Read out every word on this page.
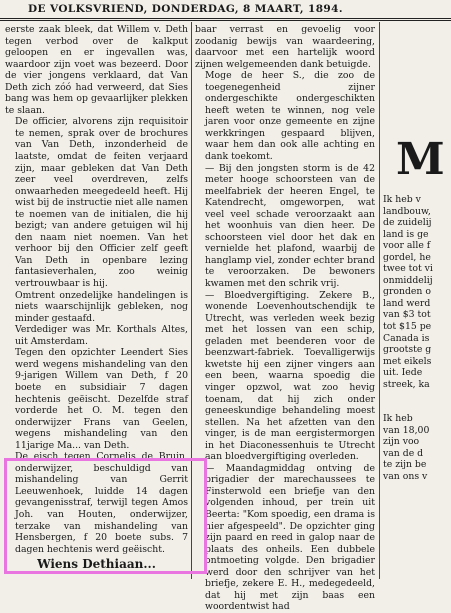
DE VOLKSVRIEND, DONDERDAG, 8 MAART, 1894.

eerste zaak bleek, dat Willem v. Deth tegen verbod over de kalkput geloopen en er ingevallen was, waardoor zijn voet was bezeerd. Door de vier jongens verklaard, dat Van Deth zich zóó had verweerd, dat Sies bang was hem op gevaarlijker plekken te slaan.

De officier, alvorens zijn requisitoir te nemen, sprak over de brochures van Van Deth, inzonderheid de laatste, omdat de feiten verjaard zijn, maar gebleken dat Van Deth zeer veel overdreven, zelfs onwaarheden meegedeeld heeft. Hij wist bij de instructie niet alle namen te noemen van de initialen, die hij bezigt; van andere getuigen wil hij den naam niet noemen. Van het verhoor bij den Officier zelf geeft Van Deth in openbare lezing fantasieverhalen, zoo weinig vertrouwbaar is hij.

Omtrent onzedelijke handelingen is niets waarschijnlijk gebleken, nog minder gestaafd.

Verdediger was Mr. Korthals Altes, uit Amsterdam.

Tegen den opzichter Leendert Sies werd wegens mishandeling van den 9-jarigen Willem van Deth, f 20 boete en subsidiair 7 dagen hechtenis geëischt. Dezelfde straf vorderde het O. M. tegen den onderwijzer Frans van Geelen, wegens mishandeling van den 11jarige Ma... van Deth.

De eisch tegen Cornelis de Bruin, onderwijzer, beschuldigd van mishandeling van Gerrit Leeuwenhoek, luidde 14 dagen gevangenisstraf, terwijl tegen Amos Joh. van Houten, onderwijzer, terzake van mishandeling van Hensbergen, f 20 boete subs. 7 dagen hechtenis werd geëischt.

Wiens Dethiaan...

baar verrast en gevoelig voor zoodanig bewijs van waardeering, daarvoor met een hartelijk woord zijnen welgemeenden dank betuigde.

Moge de heer S., die zoo de toegenegenheid zijner ondergeschikte ondergeschikten heeft weten te winnen, nog vele jaren voor onze gemeente en zijne werkkringen gespaard blijven, waar hem dan ook alle achting en dank toekomt.

— Bij den jongsten storm is de 42 meter hooge schoorsteen van de meelfabriek der heeren Engel, te Katendrecht, omgeworpen, wat veel veel schade veroorzaakt aan het woonhuis van dien heer. De schoorsteen viel door het dak en vernielde het plafond, waarbij de hanglamp viel, zonder echter brand te veroorzaken. De bewoners kwamen met den schrik vrij.

— Bloedvergiftiging. Zekere B., wonende Loevenhoutschendijk te Utrecht, was verleden week bezig met het lossen van een schip, geladen met beenderen voor de beenzwart-fabriek. Toevalligerwijs kwetste hij een zijner vingers aan een been, waarna spoedig die vinger opzwol, wat zoo hevig toenam, dat hij zich onder geneeskundige behandeling moest stellen. Na het afzetten van den vinger, is de man eergistermorgen in het Diaconessenhuis te Utrecht aan bloedvergiftiging overleden.

— Maandagmiddag ontving de brigadier der marechaussees te Finsterwold een briefje van den volgenden inhoud, per trein uit Beerta: "Kom spoedig, een drama is hier afgespeeld". De opzichter ging zijn paard en reed in galop naar de plaats des onheils. Een dubbele ontmoeting volgde. Den brigadier werd door den schrijver van het briefje, zekere E. H., medegedeeld, dat hij met zijn baas een woordentwist had

Ik heb v
landbouw,
de zuidelij
land is ge
voor alle f
gordel, he
twee tot vi
onmiddelij
gronden o
land werd
van $3 tot
tot $15 pe
Canada is
grootste g
met eikels
uit. Iede
streek, ka
Ik heb
van 18,00
zijn voo
van de d
te zijn be
van ons v
M
